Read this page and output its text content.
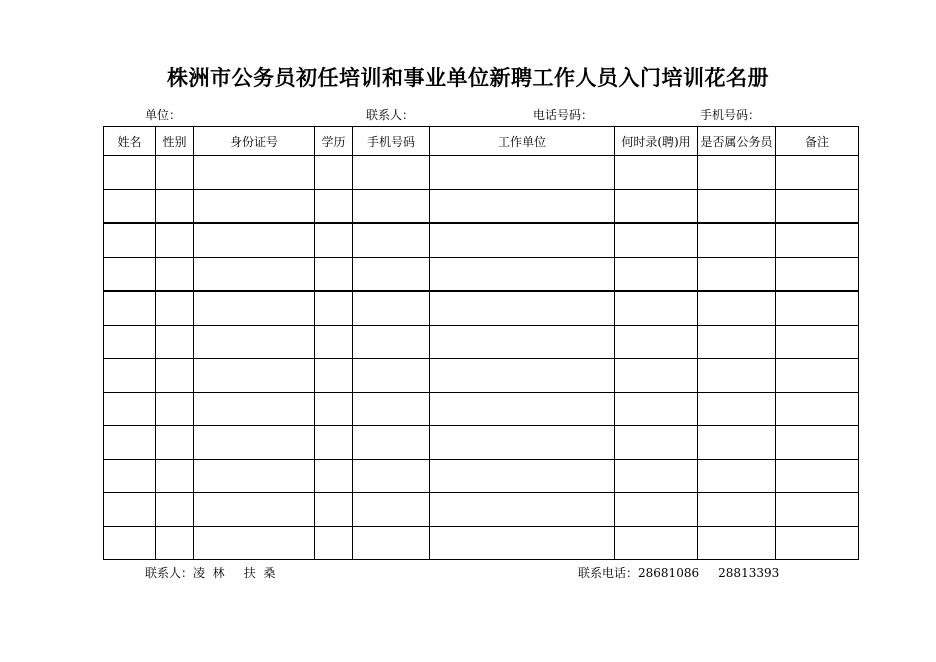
株洲市公务员初任培训和事业单位新聘工作人员入门培训花名册
单位：	联系人：	电话号码：	手机号码：
姓名	性别	身份证号	学历	手机号码	工作单位	何时录(聘)用	是否属公务员	备注

联系人：凌  林     扶  桑	联系电话：28681086     28813393
